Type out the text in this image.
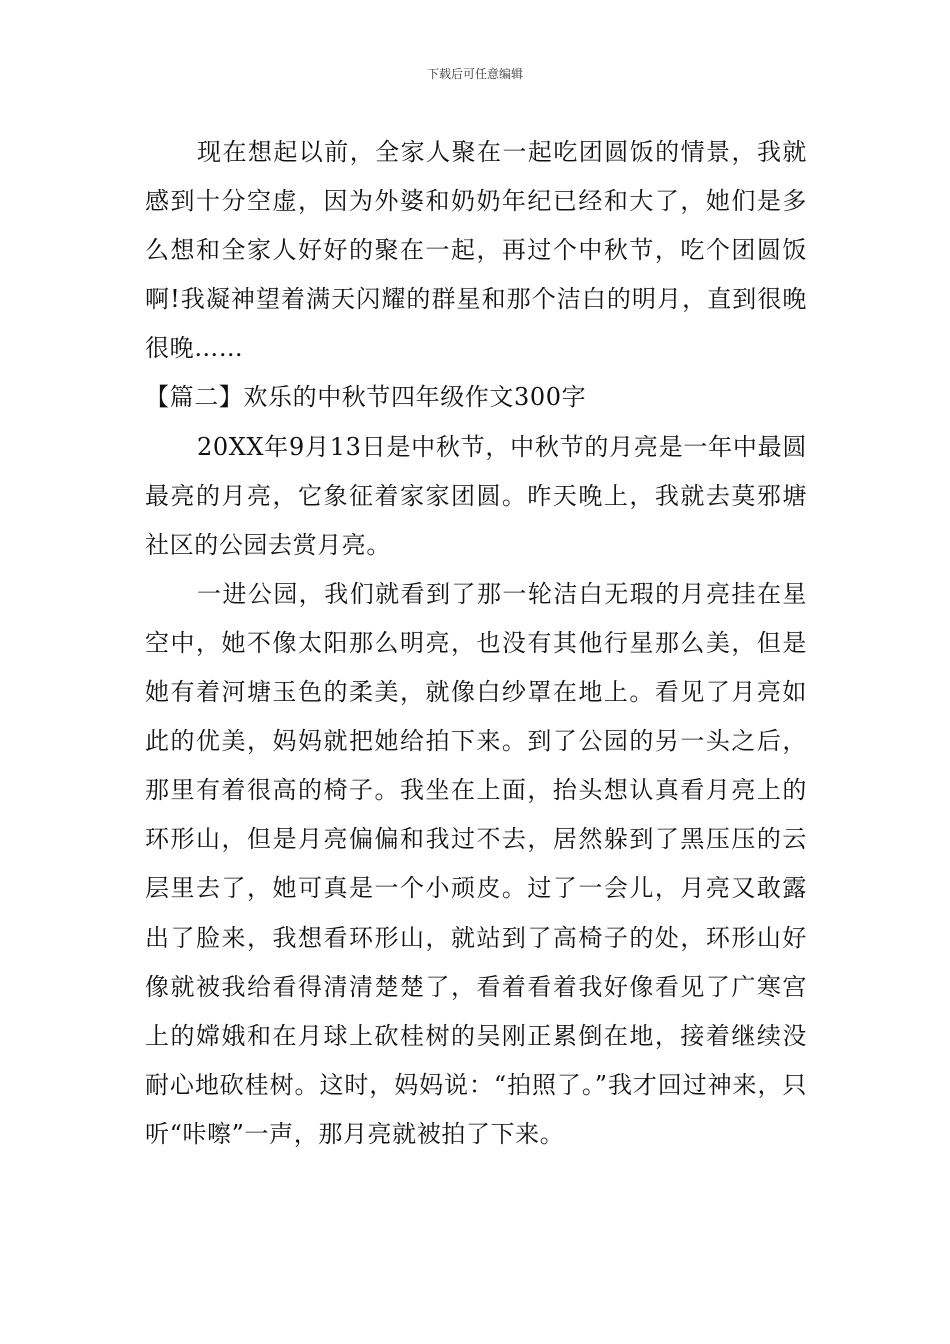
下载后可任意编辑

现在想起以前，全家人聚在一起吃团圆饭的情景，我就感到十分空虚，因为外婆和奶奶年纪已经和大了，她们是多么想和全家人好好的聚在一起，再过个中秋节，吃个团圆饭啊!我凝神望着满天闪耀的群星和那个洁白的明月，直到很晚很晚……

【篇二】欢乐的中秋节四年级作文300字

20XX年9月13日是中秋节，中秋节的月亮是一年中最圆最亮的月亮，它象征着家家团圆。昨天晚上，我就去莫邪塘社区的公园去赏月亮。

一进公园，我们就看到了那一轮洁白无瑕的月亮挂在星空中，她不像太阳那么明亮，也没有其他行星那么美，但是她有着河塘玉色的柔美，就像白纱罩在地上。看见了月亮如此的优美，妈妈就把她给拍下来。到了公园的另一头之后，那里有着很高的椅子。我坐在上面，抬头想认真看月亮上的环形山，但是月亮偏偏和我过不去，居然躲到了黑压压的云层里去了，她可真是一个小顽皮。过了一会儿，月亮又敢露出了脸来，我想看环形山，就站到了高椅子的处，环形山好像就被我给看得清清楚楚了，看着看着我好像看见了广寒宫上的嫦娥和在月球上砍桂树的吴刚正累倒在地，接着继续没耐心地砍桂树。这时，妈妈说：“拍照了。”我才回过神来，只听“咔嚓”一声，那月亮就被拍了下来。
